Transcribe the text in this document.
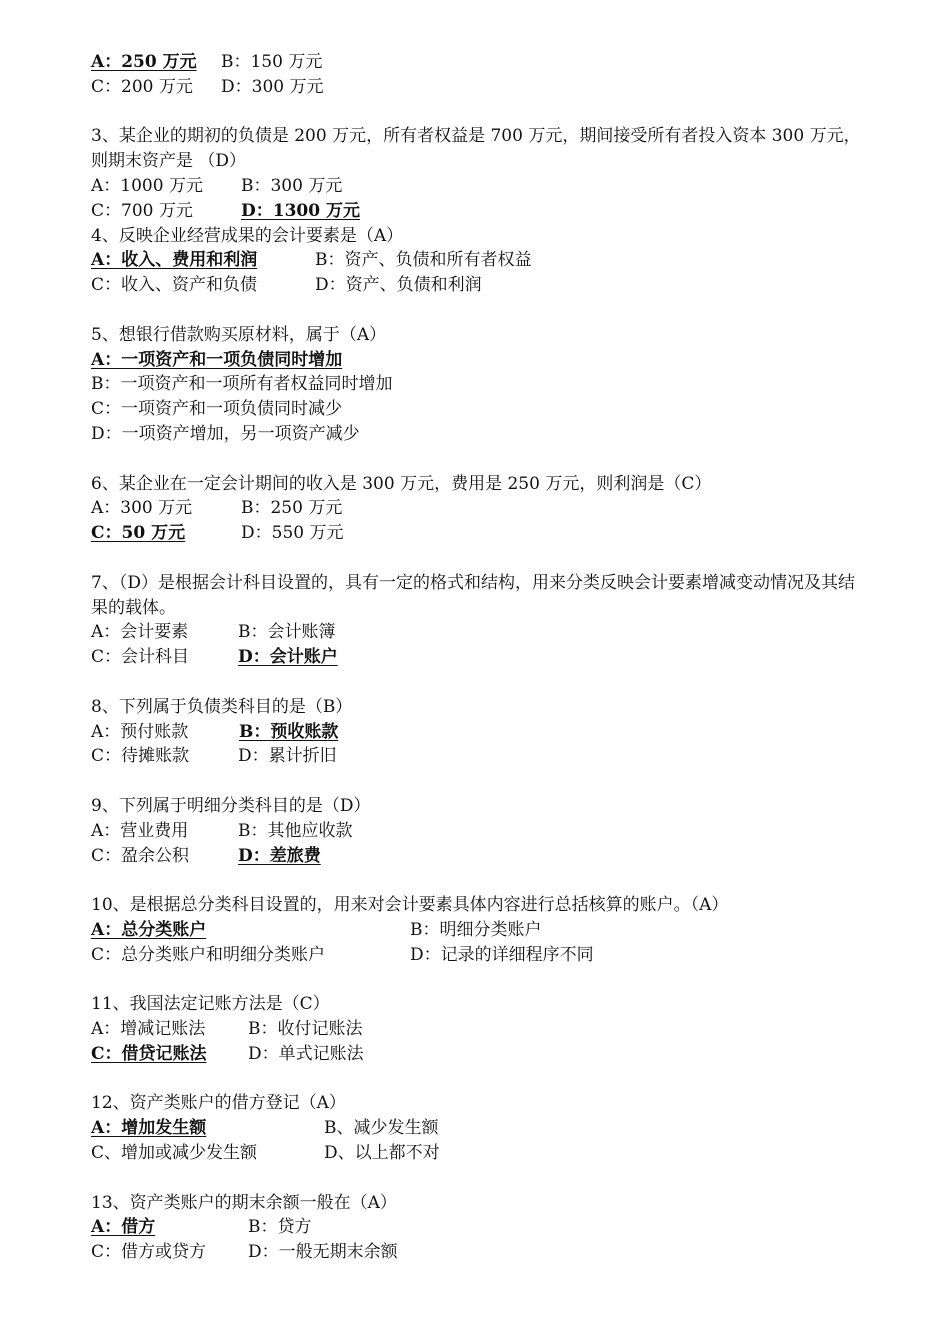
A：250 万元	B：150 万元
C：200 万元 D：300 万元
3、某企业的期初的负债是 200 万元，所有者权益是 700 万元，期间接受所有者投入资本 300 万元，则期末资产是 （D）
A：1000 万元 B：300 万元
C：700 万元	D：1300 万元
4、反映企业经营成果的会计要素是（A）
A：收入、费用和利润	B：资产、负债和所有者权益
C：收入、资产和负债	D：资产、负债和利润
5、想银行借款购买原材料，属于（A）
A：一项资产和一项负债同时增加
B：一项资产和一项所有者权益同时增加
C：一项资产和一项负债同时减少
D：一项资产增加，另一项资产减少
6、某企业在一定会计期间的收入是 300 万元，费用是 250 万元，则利润是（C）
A：300 万元	B：250 万元
C：50 万元	D：550 万元
7、（D）是根据会计科目设置的，具有一定的格式和结构，用来分类反映会计要素增减变动情况及其结果的载体。
A：会计要素	B：会计账簿
C：会计科目	D：会计账户
8、下列属于负债类科目的是（B）
A：预付账款	B：预收账款
C：待摊账款	D：累计折旧
9、下列属于明细分类科目的是（D）
A：营业费用	B：其他应收款
C：盈余公积	D：差旅费
10、是根据总分类科目设置的，用来对会计要素具体内容进行总括核算的账户。（A）
A：总分类账户	B：明细分类账户
C：总分类账户和明细分类账户	D：记录的详细程序不同
11、我国法定记账方法是（C）
A：增减记账法	B：收付记账法
C：借贷记账法	D：单式记账法
12、资产类账户的借方登记（A）
A：增加发生额	B、减少发生额
C、增加或减少发生额	D、以上都不对
13、资产类账户的期末余额一般在（A）
A：借方	B：贷方
C：借方或贷方 D：一般无期末余额
